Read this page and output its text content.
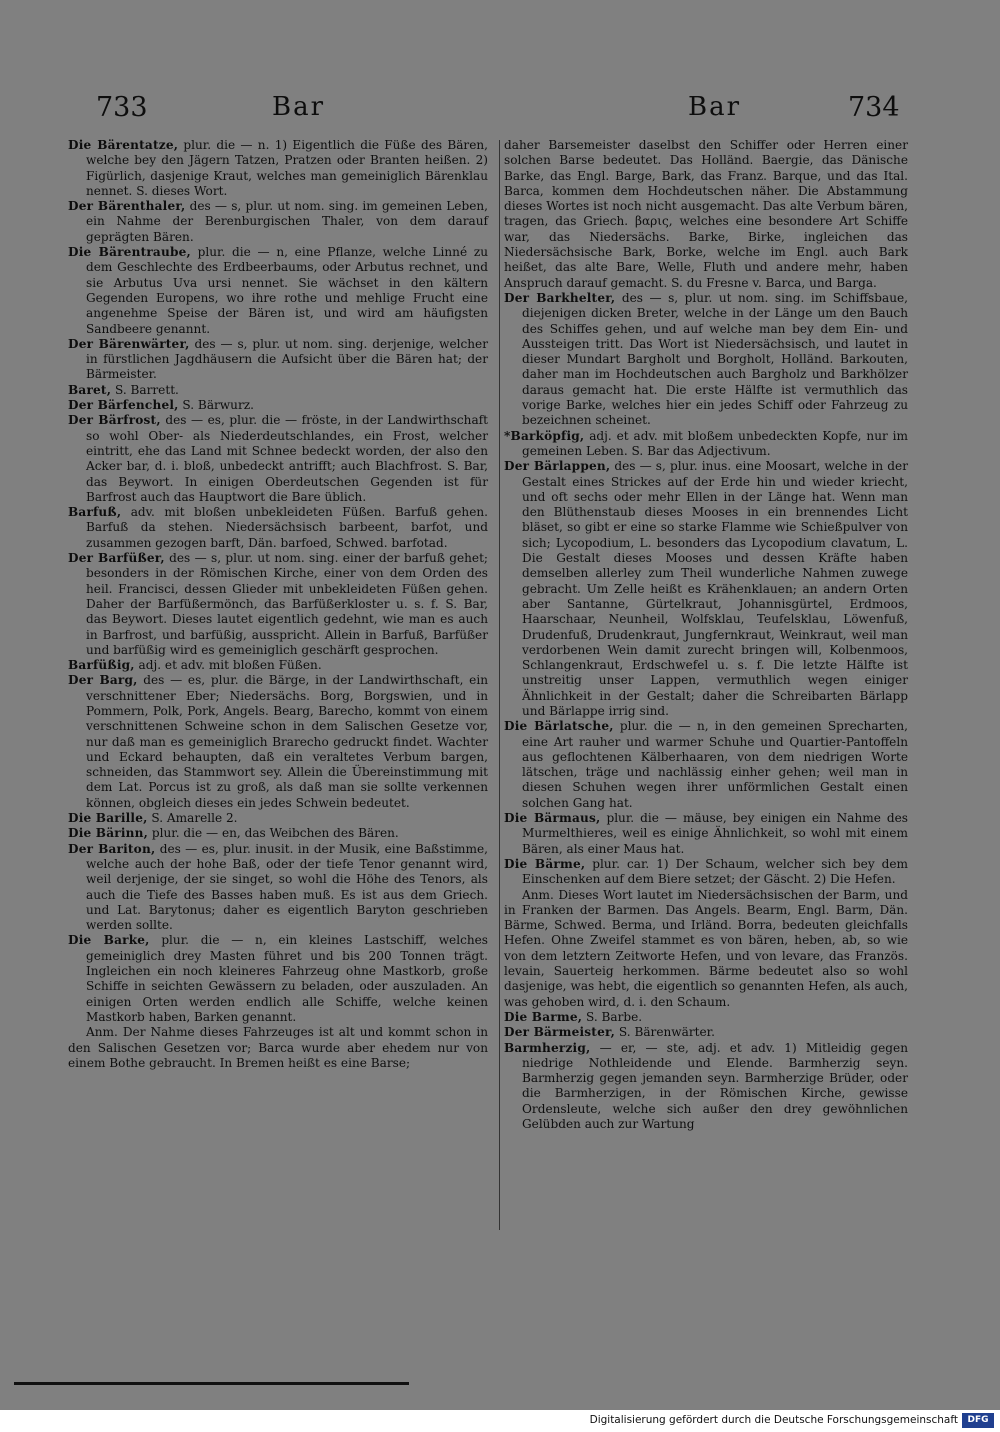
733	Bar	Bar	734

Die Bärentatze, plur. die — n. 1) Eigentlich die Füße des Bären, welche bey den Jägern Tatzen, Pratzen oder Branten heißen. 2) Figürlich, dasjenige Kraut, welches man gemeiniglich Bärenklau nennet. S. dieses Wort.

Der Bärenthaler, des — s, plur. ut nom. sing. im gemeinen Leben, ein Nahme der Berenburgischen Thaler, von dem darauf geprägten Bären.

Die Bärentraube, plur. die — n, eine Pflanze, welche Linné zu dem Geschlechte des Erdbeerbaums, oder Arbutus rechnet, und sie Arbutus Uva ursi nennet. Sie wächset in den kältern Gegenden Europens, wo ihre rothe und mehlige Frucht eine angenehme Speise der Bären ist, und wird am häufigsten Sandbeere genannt.

Der Bärenwärter, des — s, plur. ut nom. sing. derjenige, welcher in fürstlichen Jagdhäusern die Aufsicht über die Bären hat; der Bärmeister.

Baret, S. Barrett.

Der Bärfenchel, S. Bärwurz.

Der Bärfrost, des — es, plur. die — fröste, in der Landwirthschaft so wohl Ober- als Niederdeutschlandes, ein Frost, welcher eintritt, ehe das Land mit Schnee bedeckt worden, der also den Acker bar, d. i. bloß, unbedeckt antrifft; auch Blachfrost. S. Bar, das Beywort. In einigen Oberdeutschen Gegenden ist für Barfrost auch das Hauptwort die Bare üblich.

Barfuß, adv. mit bloßen unbekleideten Füßen. Barfuß gehen. Barfuß da stehen. Niedersächsisch barbeent, barfot, und zusammen gezogen barft, Dän. barfoed, Schwed. barfotad.

Der Barfüßer, des — s, plur. ut nom. sing. einer der barfuß gehet; besonders in der Römischen Kirche, einer von dem Orden des heil. Francisci, dessen Glieder mit unbekleideten Füßen gehen. Daher der Barfüßermönch, das Barfüßerkloster u. s. f. S. Bar, das Beywort. Dieses lautet eigentlich gedehnt, wie man es auch in Barfrost, und barfüßig, ausspricht. Allein in Barfuß, Barfüßer und barfüßig wird es gemeiniglich geschärft gesprochen.

Barfüßig, adj. et adv. mit bloßen Füßen.

Der Barg, des — es, plur. die Bärge, in der Landwirthschaft, ein verschnittener Eber; Niedersächs. Borg, Borgswien, und in Pommern, Polk, Pork, Angels. Bearg, Barecho, kommt von einem verschnittenen Schweine schon in dem Salischen Gesetze vor, nur daß man es gemeiniglich Brarecho gedruckt findet. Wachter und Eckard behaupten, daß ein veraltetes Verbum bargen, schneiden, das Stammwort sey. Allein die Übereinstimmung mit dem Lat. Porcus ist zu groß, als daß man sie sollte verkennen können, obgleich dieses ein jedes Schwein bedeutet.

Die Barille, S. Amarelle 2.

Die Bärinn, plur. die — en, das Weibchen des Bären.

Der Bariton, des — es, plur. inusit. in der Musik, eine Baßstimme, welche auch der hohe Baß, oder der tiefe Tenor genannt wird, weil derjenige, der sie singet, so wohl die Höhe des Tenors, als auch die Tiefe des Basses haben muß. Es ist aus dem Griech. und Lat. Barytonus; daher es eigentlich Baryton geschrieben werden sollte.

Die Barke, plur. die — n, ein kleines Lastschiff, welches gemeiniglich drey Masten führet und bis 200 Tonnen trägt. Ingleichen ein noch kleineres Fahrzeug ohne Mastkorb, große Schiffe in seichten Gewässern zu beladen, oder auszuladen. An einigen Orten werden endlich alle Schiffe, welche keinen Mastkorb haben, Barken genannt.

Anm. Der Nahme dieses Fahrzeuges ist alt und kommt schon in den Salischen Gesetzen vor; Barca wurde aber ehedem nur von einem Bothe gebraucht. In Bremen heißt es eine Barse;

daher Barsemeister daselbst den Schiffer oder Herren einer solchen Barse bedeutet. Das Holländ. Baergie, das Dänische Barke, das Engl. Barge, Bark, das Franz. Barque, und das Ital. Barca, kommen dem Hochdeutschen näher. Die Abstammung dieses Wortes ist noch nicht ausgemacht. Das alte Verbum bären, tragen, das Griech. βαρις, welches eine besondere Art Schiffe war, das Niedersächs. Barke, Birke, ingleichen das Niedersächsische Bark, Borke, welche im Engl. auch Bark heißet, das alte Bare, Welle, Fluth und andere mehr, haben Anspruch darauf gemacht. S. du Fresne v. Barca, und Barga.

Der Barkhelter, des — s, plur. ut nom. sing. im Schiffsbaue, diejenigen dicken Breter, welche in der Länge um den Bauch des Schiffes gehen, und auf welche man bey dem Ein- und Aussteigen tritt. Das Wort ist Niedersächsisch, und lautet in dieser Mundart Bargholt und Borgholt, Holländ. Barkouten, daher man im Hochdeutschen auch Bargholz und Barkhölzer daraus gemacht hat. Die erste Hälfte ist vermuthlich das vorige Barke, welches hier ein jedes Schiff oder Fahrzeug zu bezeichnen scheinet.

*Barköpfig, adj. et adv. mit bloßem unbedeckten Kopfe, nur im gemeinen Leben. S. Bar das Adjectivum.

Der Bärlappen, des — s, plur. inus. eine Moosart, welche in der Gestalt eines Strickes auf der Erde hin und wieder kriecht, und oft sechs oder mehr Ellen in der Länge hat. Wenn man den Blüthenstaub dieses Mooses in ein brennendes Licht bläset, so gibt er eine so starke Flamme wie Schießpulver von sich; Lycopodium, L. besonders das Lycopodium clavatum, L. Die Gestalt dieses Mooses und dessen Kräfte haben demselben allerley zum Theil wunderliche Nahmen zuwege gebracht. Um Zelle heißt es Krähenklauen; an andern Orten aber Santanne, Gürtelkraut, Johannisgürtel, Erdmoos, Haarschaar, Neunheil, Wolfsklau, Teufelsklau, Löwenfuß, Drudenfuß, Drudenkraut, Jungfernkraut, Weinkraut, weil man verdorbenen Wein damit zurecht bringen will, Kolbenmoos, Schlangenkraut, Erdschwefel u. s. f. Die letzte Hälfte ist unstreitig unser Lappen, vermuthlich wegen einiger Ähnlichkeit in der Gestalt; daher die Schreibarten Bärlapp und Bärlappe irrig sind.

Die Bärlatsche, plur. die — n, in den gemeinen Sprecharten, eine Art rauher und warmer Schuhe und Quartier-Pantoffeln aus geflochtenen Kälberhaaren, von dem niedrigen Worte lätschen, träge und nachlässig einher gehen; weil man in diesen Schuhen wegen ihrer unförmlichen Gestalt einen solchen Gang hat.

Die Bärmaus, plur. die — mäuse, bey einigen ein Nahme des Murmelthieres, weil es einige Ähnlichkeit, so wohl mit einem Bären, als einer Maus hat.

Die Bärme, plur. car. 1) Der Schaum, welcher sich bey dem Einschenken auf dem Biere setzet; der Gäscht. 2) Die Hefen.

Anm. Dieses Wort lautet im Niedersächsischen der Barm, und in Franken der Barmen. Das Angels. Bearm, Engl. Barm, Dän. Bärme, Schwed. Berma, und Irländ. Borra, bedeuten gleichfalls Hefen. Ohne Zweifel stammet es von bären, heben, ab, so wie von dem letztern Zeitworte Hefen, und von levare, das Französ. levain, Sauerteig herkommen. Bärme bedeutet also so wohl dasjenige, was hebt, die eigentlich so genannten Hefen, als auch, was gehoben wird, d. i. den Schaum.

Die Barme, S. Barbe.

Der Bärmeister, S. Bärenwärter.

Barmherzig, — er, — ste, adj. et adv. 1) Mitleidig gegen niedrige Nothleidende und Elende. Barmherzig seyn. Barmherzig gegen jemanden seyn. Barmherzige Brüder, oder die Barmherzigen, in der Römischen Kirche, gewisse Ordensleute, welche sich außer den drey gewöhnlichen Gelübden auch zur Wartung

Digitalisierung gefördert durch die Deutsche Forschungsgemeinschaft	DFG
